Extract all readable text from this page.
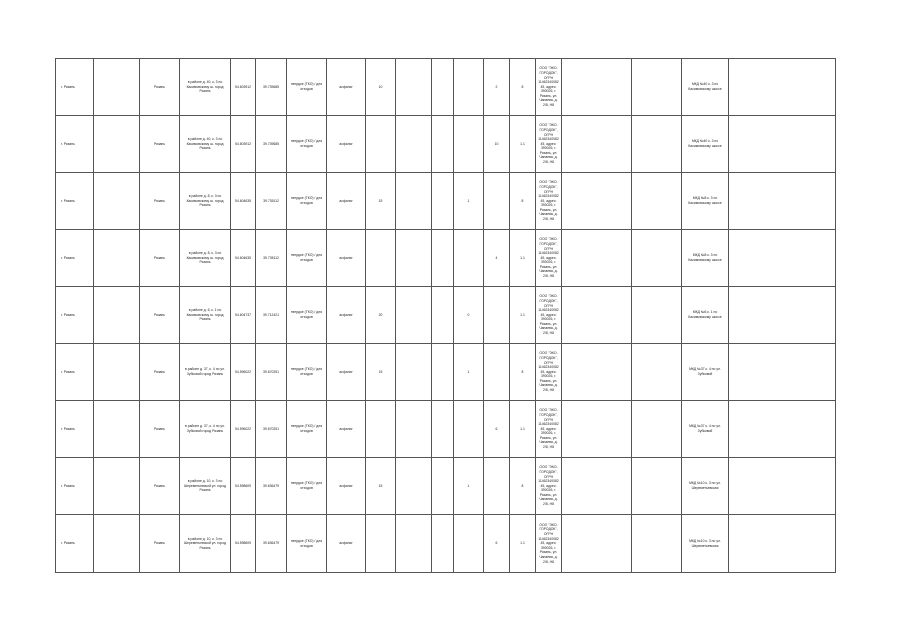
г. Рязань		Рязань	в районе д. 40, к. 3 по Касимовскому ш. город Рязань	54.603912	39.739685	твердое (ТКО) / для отходов	асфальт	10				2	8	ООО "ЭКО-ГОРОДОК", ОГРН 1146234008245, адрес: 390026, г. Рязань, ул. Чапаева, д. 2/8, Н8			МКД №40 к. 3 по Касимовскому шоссе	
г. Рязань		Рязань	в районе д. 40, к. 3 по Касимовскому ш. город Рязань	54.603912	39.739685	твердое (ТКО) / для отходов	асфальт					10	1.1	ООО "ЭКО-ГОРОДОК", ОГРН 1146234008245, адрес: 390026, г. Рязань, ул. Чапаева, д. 2/8, Н8			МКД №40 к. 3 по Касимовскому шоссе	
г. Рязань		Рязань	в районе д. 8, к. 3 по Касимовскому ш. город Рязань	54.604635	39.735112	твердое (ТКО) / для отходов	асфальт	15			1		8	ООО "ЭКО-ГОРОДОК", ОГРН 1146234008245, адрес: 390026, г. Рязань, ул. Чапаева, д. 2/8, Н8			МКД №8 к. 3 по Касимовскому шоссе	
г. Рязань		Рязань	в районе д. 8, к. 3 по Касимовскому ш. город Рязань	54.604635	39.735112	твердое (ТКО) / для отходов	асфальт					4	1.1	ООО "ЭКО-ГОРОДОК", ОГРН 1146234008245, адрес: 390026, г. Рязань, ул. Чапаева, д. 2/8, Н8			МКД №8 к. 3 по Касимовскому шоссе	
г. Рязань		Рязань	в районе д. 6, к. 1 по Касимовскому ш. город Рязань	54.604737	39.712421	твердое (ТКО) / для отходов	асфальт	20			0		1.1	ООО "ЭКО-ГОРОДОК", ОГРН 1146234008245, адрес: 390026, г. Рязань, ул. Чапаева, д. 2/8, Н8			МКД №6 к. 1 по Касимовскому шоссе	
г. Рязань		Рязань	в районе д. 37, к. 4 по ул. Зубковой город Рязань	54.596022	39.670251	твердое (ТКО) / для отходов	асфальт	15			1		8	ООО "ЭКО-ГОРОДОК", ОГРН 1146234008245, адрес: 390026, г. Рязань, ул. Чапаева, д. 2/8, Н8			МКД №37 к. 4 по ул. Зубковой	
г. Рязань		Рязань	в районе д. 37, к. 4 по ул. Зубковой город Рязань	54.596022	39.670251	твердое (ТКО) / для отходов	асфальт					6	1.1	ООО "ЭКО-ГОРОДОК", ОГРН 1146234008245, адрес: 390026, г. Рязань, ул. Чапаева, д. 2/8, Н8			МКД №37 к. 4 по ул. Зубковой	
г. Рязань		Рязань	в районе д. 10, к. 3 по Шереметьевской ул. город Рязань	54.598609	39.636479	твердое (ТКО) / для отходов	асфальт	15			1		8	ООО "ЭКО-ГОРОДОК", ОГРН 1146234008245, адрес: 390026, г. Рязань, ул. Чапаева, д. 2/8, Н8			МКД №10 к. 3 по ул. Шереметьевская	
г. Рязань		Рязань	в районе д. 10, к. 3 по Шереметьевской ул. город Рязань	54.598609	39.636479	твердое (ТКО) / для отходов	асфальт					6	1.1	ООО "ЭКО-ГОРОДОК", ОГРН 1146234008245, адрес: 390026, г. Рязань, ул. Чапаева, д. 2/8, Н8			МКД №10 к. 3 по ул. Шереметьевская	
